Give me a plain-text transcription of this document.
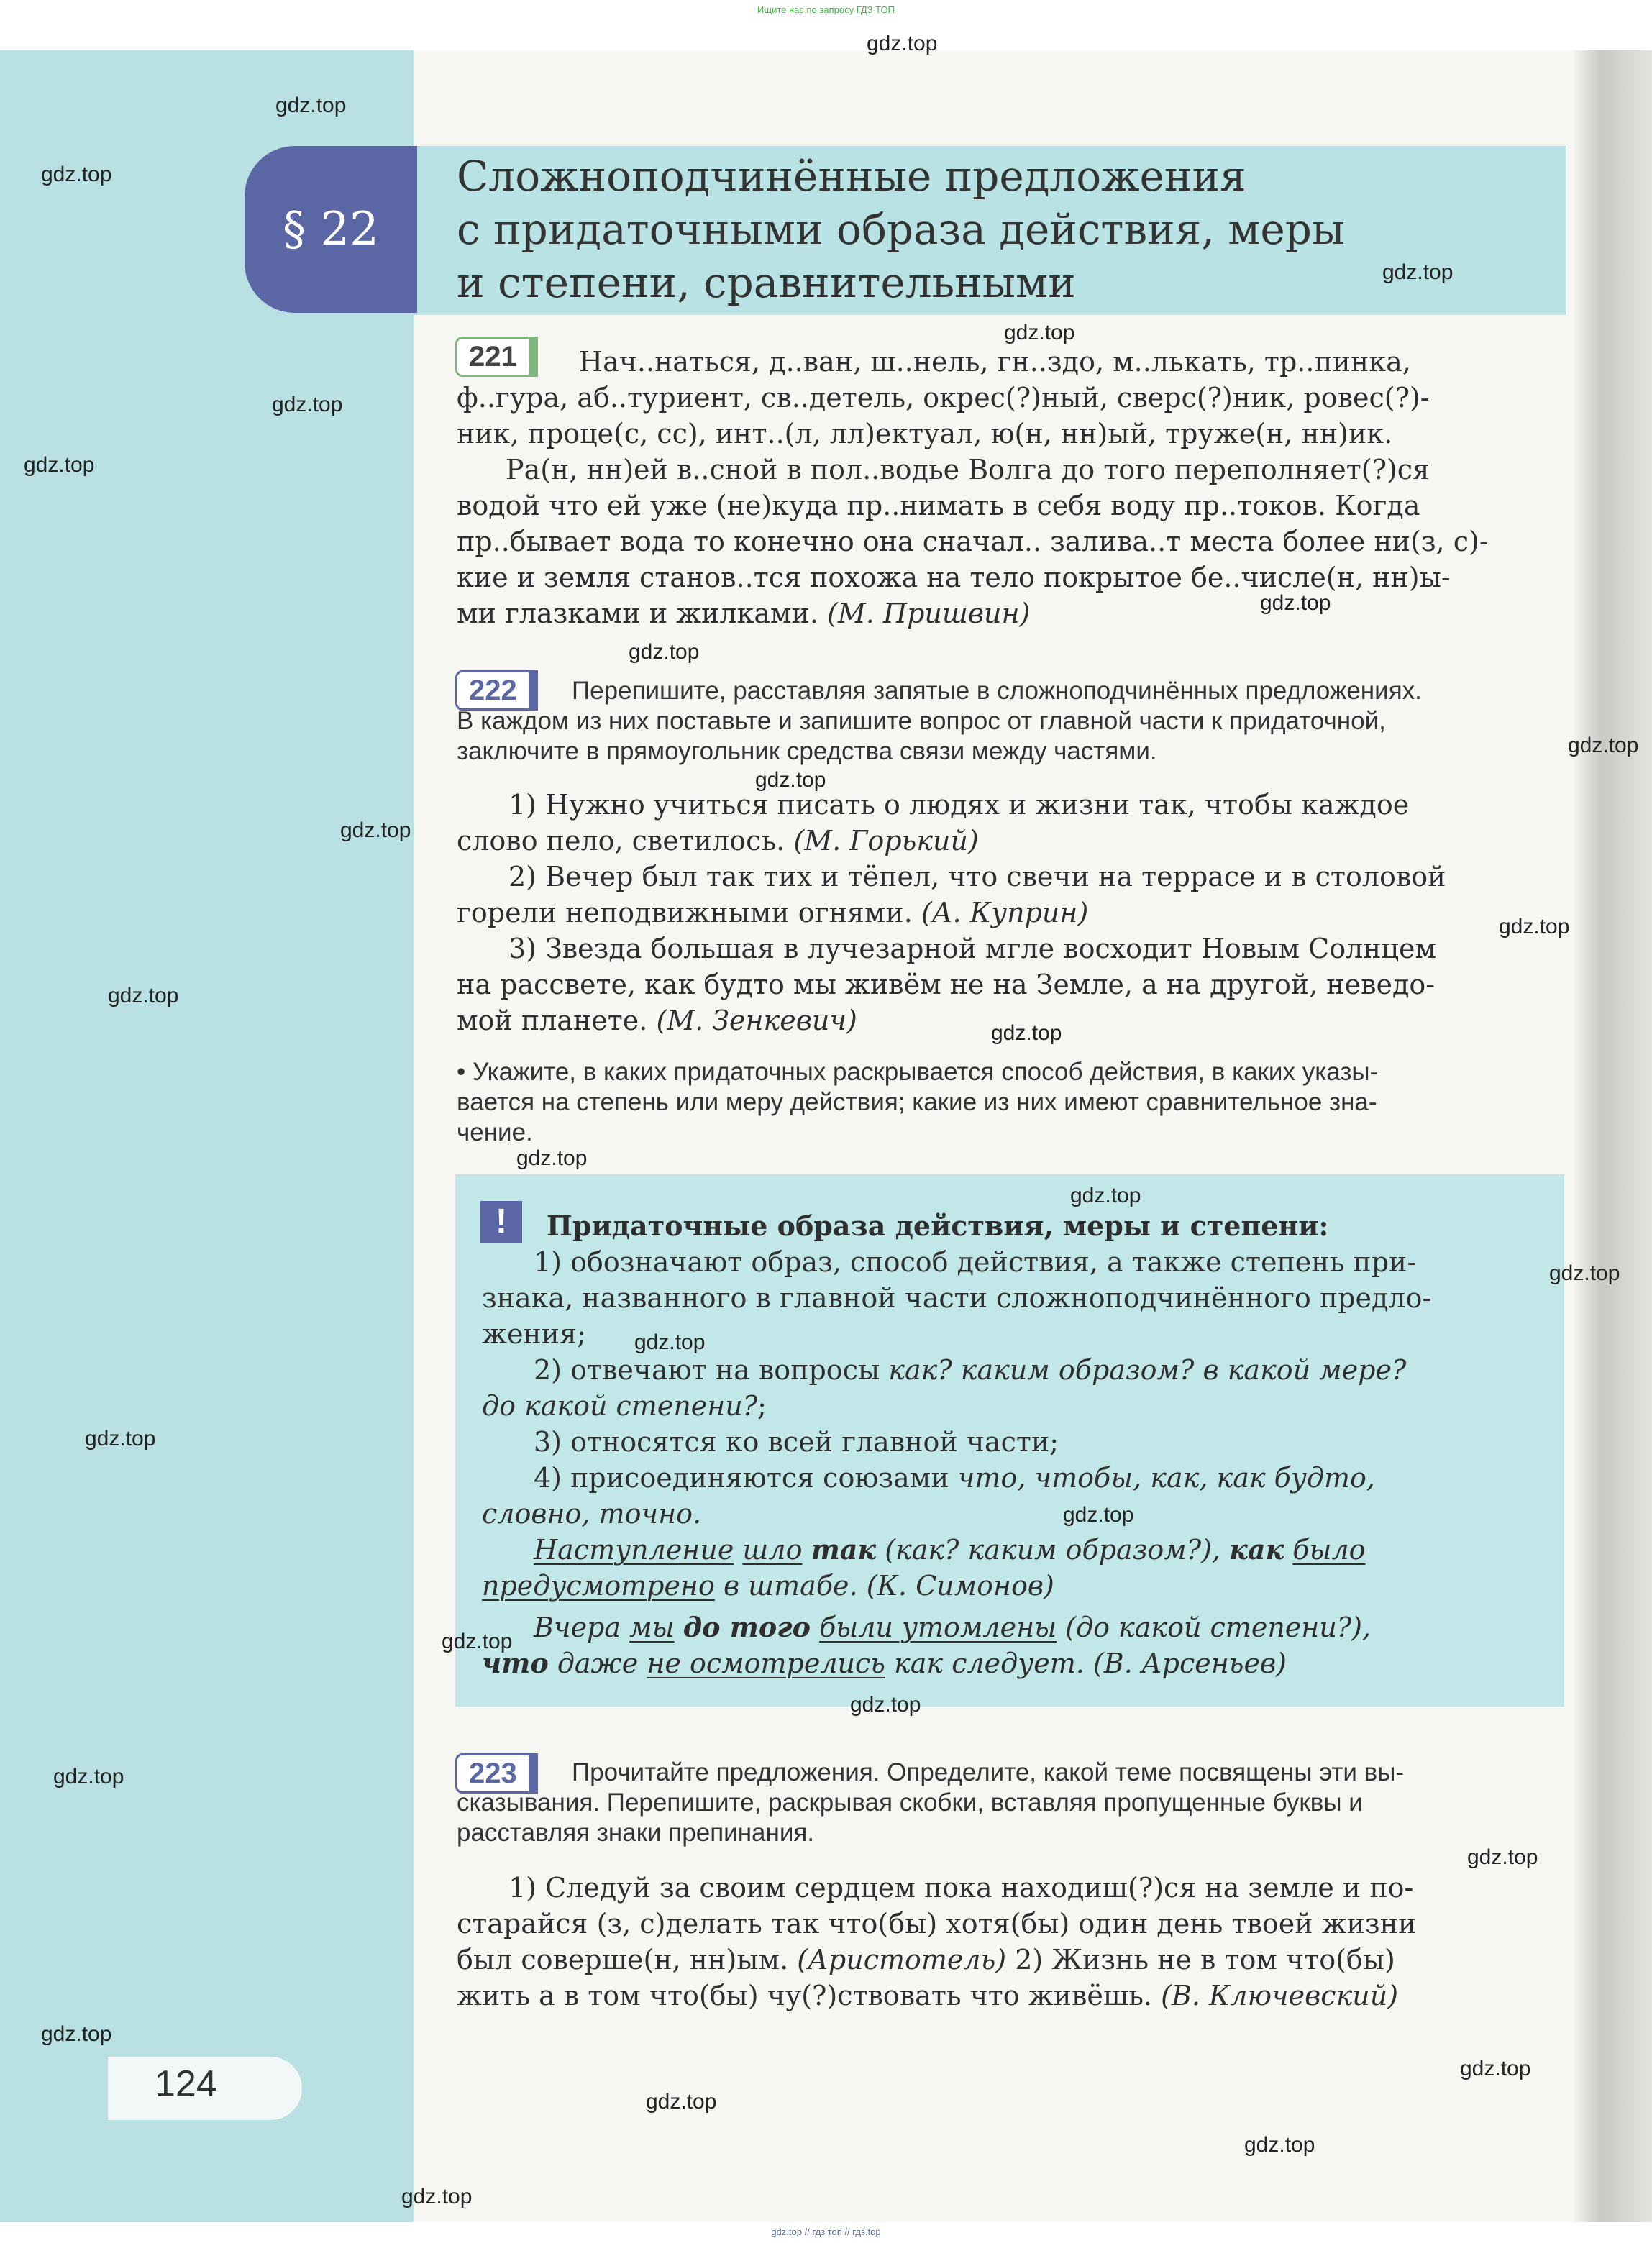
Ищите нас по запросу ГДЗ ТОП
§ 22
Сложноподчинённые предложения
с придаточными образа действия, меры
и степени, сравнительными
221	Нач..наться, д..ван, ш..нель, гн..здо, м..лькать, тр..пинка,
ф..гура, аб..туриент, св..детель, окрес(?)ный, сверс(?)ник, ровес(?)-
ник, проце(с, сс), инт..(л, лл)ектуал, ю(н, нн)ый, труже(н, нн)ик.
Ра(н, нн)ей в..сной в пол..водье Волга до того переполняет(?)ся
водой что ей уже (не)куда пр..нимать в себя воду пр..токов. Когда
пр..бывает вода то конечно она сначал.. залива..т места более ни(з, с)-
кие и земля станов..тся похожа на тело покрытое бе..числе(н, нн)ы-
ми глазками и жилками. (М. Пришвин)
222	Перепишите, расставляя запятые в сложноподчинённых предложениях.
В каждом из них поставьте и запишите вопрос от главной части к придаточной,
заключите в прямоугольник средства связи между частями.
1) Нужно учиться писать о людях и жизни так, чтобы каждое
слово пело, светилось. (М. Горький)
2) Вечер был так тих и тёпел, что свечи на террасе и в столовой
горели неподвижными огнями. (А. Куприн)
3) Звезда большая в лучезарной мгле восходит Новым Солнцем
на рассвете, как будто мы живём не на Земле, а на другой, неведо-
мой планете. (М. Зенкевич)
• Укажите, в каких придаточных раскрывается способ действия, в каких указы-
вается на степень или меру действия; какие из них имеют сравнительное зна-
чение.
!	Придаточные образа действия, меры и степени:
1) обозначают образ, способ действия, а также степень при-
знака, названного в главной части сложноподчинённого предло-
жения;
2) отвечают на вопросы как? каким образом? в какой мере?
до какой степени?;
3) относятся ко всей главной части;
4) присоединяются союзами что, чтобы, как, как будто,
словно, точно.
Наступление шло так (как? каким образом?), как было
предусмотрено в штабе. (К. Симонов)
Вчера мы до того были утомлены (до какой степени?),
что даже не осмотрелись как следует. (В. Арсеньев)
223	Прочитайте предложения. Определите, какой теме посвящены эти вы-
сказывания. Перепишите, раскрывая скобки, вставляя пропущенные буквы и
расставляя знаки препинания.
1) Следуй за своим сердцем пока находиш(?)ся на земле и по-
старайся (з, с)делать так что(бы) хотя(бы) один день твоей жизни
был соверше(н, нн)ым. (Аристотель) 2) Жизнь не в том что(бы)
жить а в том что(бы) чу(?)ствовать что живёшь. (В. Ключевский)
124
gdz.top
gdz.top
gdz.top
gdz.top
gdz.top
gdz.top
gdz.top
gdz.top
gdz.top
gdz.top
gdz.top
gdz.top
gdz.top
gdz.top
gdz.top
gdz.top
gdz.top
gdz.top
gdz.top
gdz.top
gdz.top
gdz.top
gdz.top
gdz.top
gdz.top
gdz.top
gdz.top
gdz.top
gdz.top
gdz.top
gdz.top // гдз топ // гдз.top
